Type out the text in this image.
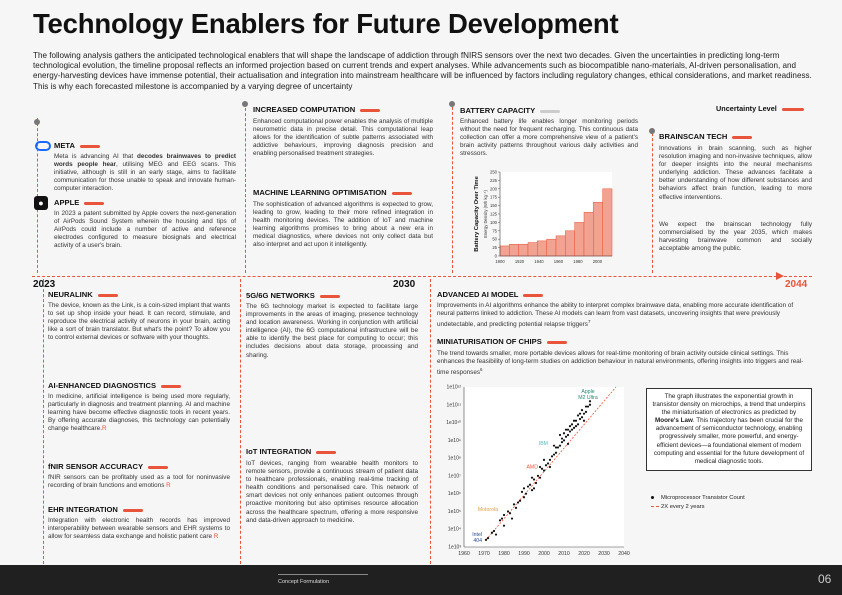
Technology Enablers for Future Development
The following analysis gathers the anticipated technological enablers that will shape the landscape of addiction through fNIRS sensors over the next two decades. Given the uncertainties in predicting long-term technological evolution, the timeline proposal reflects an informed projection based on current trends and expert analyses. While advancements such as biocompatible nano-materials, AI-driven personalisation, and energy-harvesting devices have immense potential, their actualisation and integration into mainstream healthcare will be influenced by factors including regulatory changes, ethical considerations, and market readiness. This is why each forecasted milestone is accompanied by a varying degree of uncertainty
2023	2030	2044
Uncertainty Level
META
Meta is advancing AI that decodes brainwaves to predict words people hear, utilising MEG and EEG scans. This initiative, although is still in an early stage, aims to facilitate communication for those unable to speak and innovate human-computer interaction.
●	APPLE
In 2023 a patent submitted by Apple covers the next-generation of AirPods Sound System wherein the housing and tips of AirPods could include a number of active and reference electrodes configured to measure biosignals and electrical activity of a user's brain.
INCREASED COMPUTATION
Enhanced computational power enables the analysis of multiple neurometric data in precise detail. This computational leap allows for the identification of subtle patterns associated with addictive behaviours, improving diagnosis precision and enabling personalised treatment strategies.
MACHINE LEARNING OPTIMISATION
The sophistication of advanced algorithms is expected to grow, leading to grow, leading to their more refined integration in health monitoring devices. The addition of IoT and machine learning algorithms promises to bring about a new era in medical diagnostics, where devices not only collect data but also interpret and act upon it intelligently.
BATTERY CAPACITY
Enhanced battery life enables longer monitoring periods without the need for frequent recharging. This continuous data collection can offer a more comprehensive view of a patient's brain activity patterns throughout various daily activities and stressors.
0
25
50
75
100
125
150
175
200
225
250
1900 1920 1940 1960 1980 2000
Battery Capacity Over Time Energy Density (Wh kg⁻¹)
BRAINSCAN TECH
Innovations in brain scanning, such as higher resolution imaging and non-invasive techniques, allow for deeper insights into the neural mechanisms underlying addiction. These advances facilitate a better understanding of how different substances and behaviors affect brain function, leading to more effective interventions.
We expect the brainscan technology fully commercialised by the year 2035, which makes harvesting brainwave common and socially acceptable among the public.
NEURALINK
The device, known as the Link, is a coin-sized implant that wants to set up shop inside your head. It can record, stimulate, and reproduce the electrical activity of neurons in your brain, acting like a sort of brain translator. But what's the point? To allow you to control external devices or software with your thoughts.
AI-ENHANCED DIAGNOSTICS
In medicine, artificial intelligence is being used more regularly, particularly in diagnosis and treatment planning. AI and machine learning have become effective diagnostic tools in recent years. By offering accurate diagnoses, this technology can potentially change healthcare.R
fNIR SENSOR ACCURACY
fNIR sensors can be profitably used as a tool for noninvasive recording of brain functions and emotions R
EHR INTEGRATION
Integration with electronic health records has improved interoperability between wearable sensors and EHR systems to allow for seamless data exchange and holistic patient care R
5G/6G NETWORKS
The 6G technology market is expected to facilitate large improvements in the areas of imaging, presence technology and location awareness. Working in conjunction with artificial intelligence (AI), the 6G computational infrastructure will be able to identify the best place for computing to occur; this includes decisions about data storage, processing and sharing.
IoT INTEGRATION
IoT devices, ranging from wearable health monitors to remote sensors, provide a continuous stream of patient data to healthcare professionals, enabling real-time tracking of health conditions and personalised care. This network of smart devices not only enhances patient outcomes through proactive monitoring but also optimises resource allocation across the healthcare spectrum, offering a more responsive and data-driven approach to medicine.
ADVANCED AI MODEL
Improvements in AI algorithms enhance the ability to interpret complex brainwave data, enabling more accurate identification of neural patterns linked to addiction. These AI models can learn from vast datasets, uncovering insights that were previously undetectable, and predicting potential relapse triggers$^7$
MINIATURISATION OF CHIPS
The trend towards smaller, more portable devices allows for real-time monitoring of brain activity outside clinical settings. This enhances the feasibility of long-term studies on addiction behaviour in natural environments, offering insights into triggers and real-time responses$^6$
1e10³
1e10⁴
1e10⁵
1e10⁶
1e10⁷
1e10⁸
1e10⁹
1e10¹⁰
1e10¹¹
1e10¹²
1960 1970 1980 1990 2000 2010 2020 2030 2040
Intel 404
Motorola
AMD
IBM
Apple M2 Ultra	The graph illustrates the exponential growth in transistor density on microchips, a trend that underpins the miniaturisation of electronics as predicted by Moore's Law. This trajectory has been crucial for the advancement of semiconductor technology, enabling progressively smaller, more powerful, and energy-efficient devices—a foundational element of modern computing and essential for the future development of medical diagnostic tools.
Microprocessor Transistor Count
2X every 2 years
Concept Formulation	06
